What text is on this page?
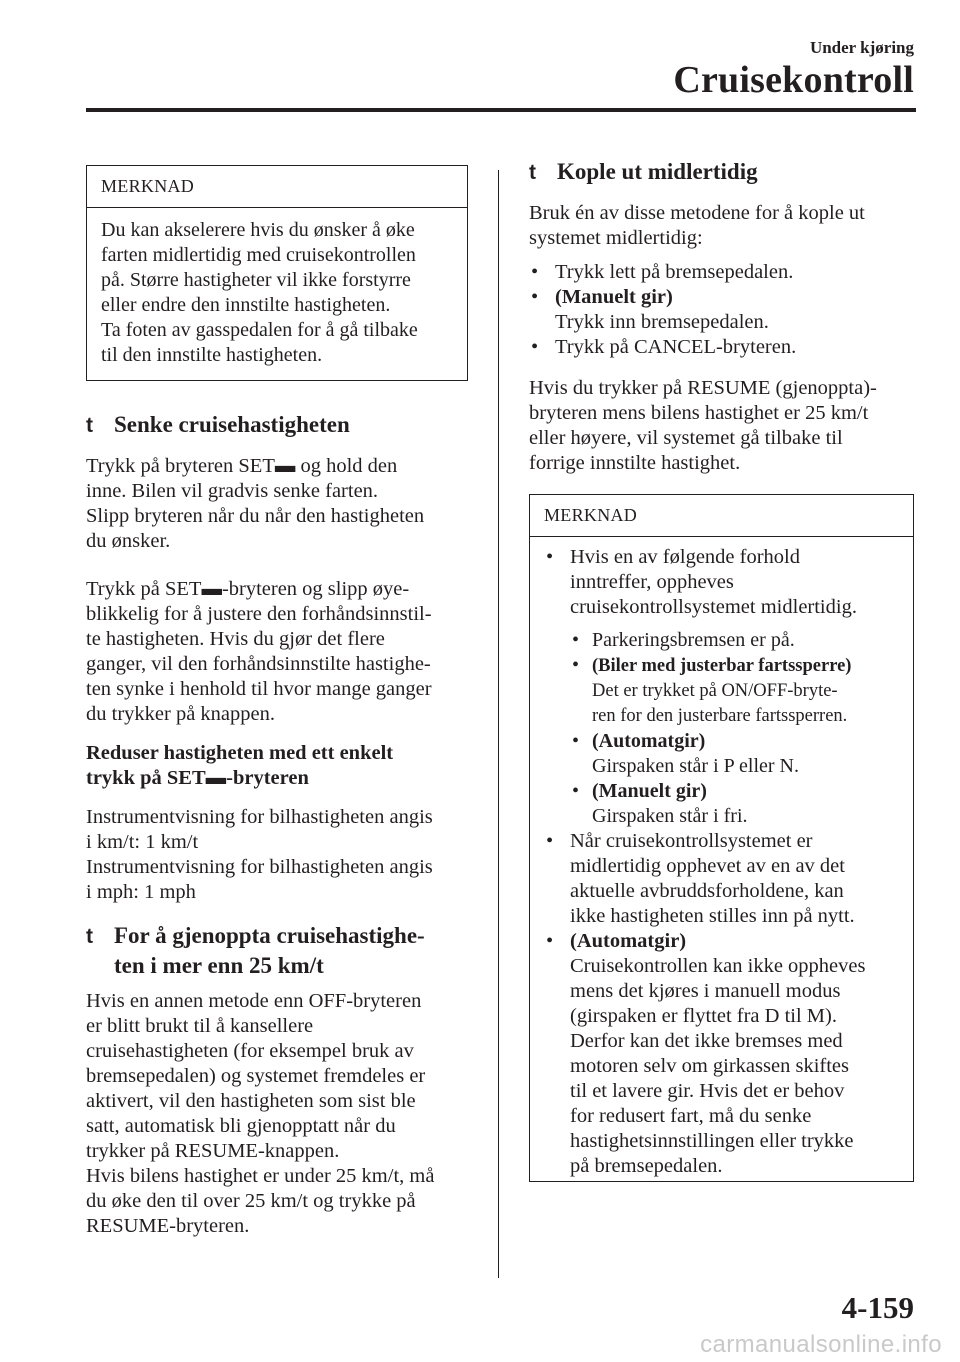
Under kjøring
Cruisekontroll
MERKNAD
Du kan akselerere hvis du ønsker å øke
farten midlertidig med cruisekontrollen
på. Større hastigheter vil ikke forstyrre
eller endre den innstilte hastigheten.
Ta foten av gasspedalen for å gå tilbake
til den innstilte hastigheten.
t Senke cruisehastigheten
Trykk på bryteren SET▬ og hold den
inne. Bilen vil gradvis senke farten.
Slipp bryteren når du når den hastigheten
du ønsker.
Trykk på SET▬-bryteren og slipp øye-
blikkelig for å justere den forhåndsinnstil-
te hastigheten. Hvis du gjør det flere
ganger, vil den forhåndsinnstilte hastighe-
ten synke i henhold til hvor mange ganger
du trykker på knappen.
Reduser hastigheten med ett enkelt
trykk på SET▬-bryteren
Instrumentvisning for bilhastigheten angis
i km/t: 1 km/t
Instrumentvisning for bilhastigheten angis
i mph: 1 mph
t For å gjenoppta cruisehastighe-
ten i mer enn 25 km/t
Hvis en annen metode enn OFF-bryteren
er blitt brukt til å kansellere
cruisehastigheten (for eksempel bruk av
bremsepedalen) og systemet fremdeles er
aktivert, vil den hastigheten som sist ble
satt, automatisk bli gjenopptatt når du
trykker på RESUME-knappen.
Hvis bilens hastighet er under 25 km/t, må
du øke den til over 25 km/t og trykke på
RESUME-bryteren.
t Kople ut midlertidig
Bruk én av disse metodene for å kople ut
systemet midlertidig:
• Trykk lett på bremsepedalen.
• (Manuelt gir)
Trykk inn bremsepedalen.
• Trykk på CANCEL-bryteren.
Hvis du trykker på RESUME (gjenoppta)-
bryteren mens bilens hastighet er 25 km/t
eller høyere, vil systemet gå tilbake til
forrige innstilte hastighet.
MERKNAD
• Hvis en av følgende forhold
inntreffer, oppheves
cruisekontrollsystemet midlertidig.
• Parkeringsbremsen er på.
• (Biler med justerbar fartssperre)
Det er trykket på ON/OFF-bryte-
ren for den justerbare fartssperren.
• (Automatgir)
Girspaken står i P eller N.
• (Manuelt gir)
Girspaken står i fri.
• Når cruisekontrollsystemet er
midlertidig opphevet av en av det
aktuelle avbruddsforholdene, kan
ikke hastigheten stilles inn på nytt.
• (Automatgir)
Cruisekontrollen kan ikke oppheves
mens det kjøres i manuell modus
(girspaken er flyttet fra D til M).
Derfor kan det ikke bremses med
motoren selv om girkassen skiftes
til et lavere gir. Hvis det er behov
for redusert fart, må du senke
hastighetsinnstillingen eller trykke
på bremsepedalen.
4-159
carmanualsonline.info
